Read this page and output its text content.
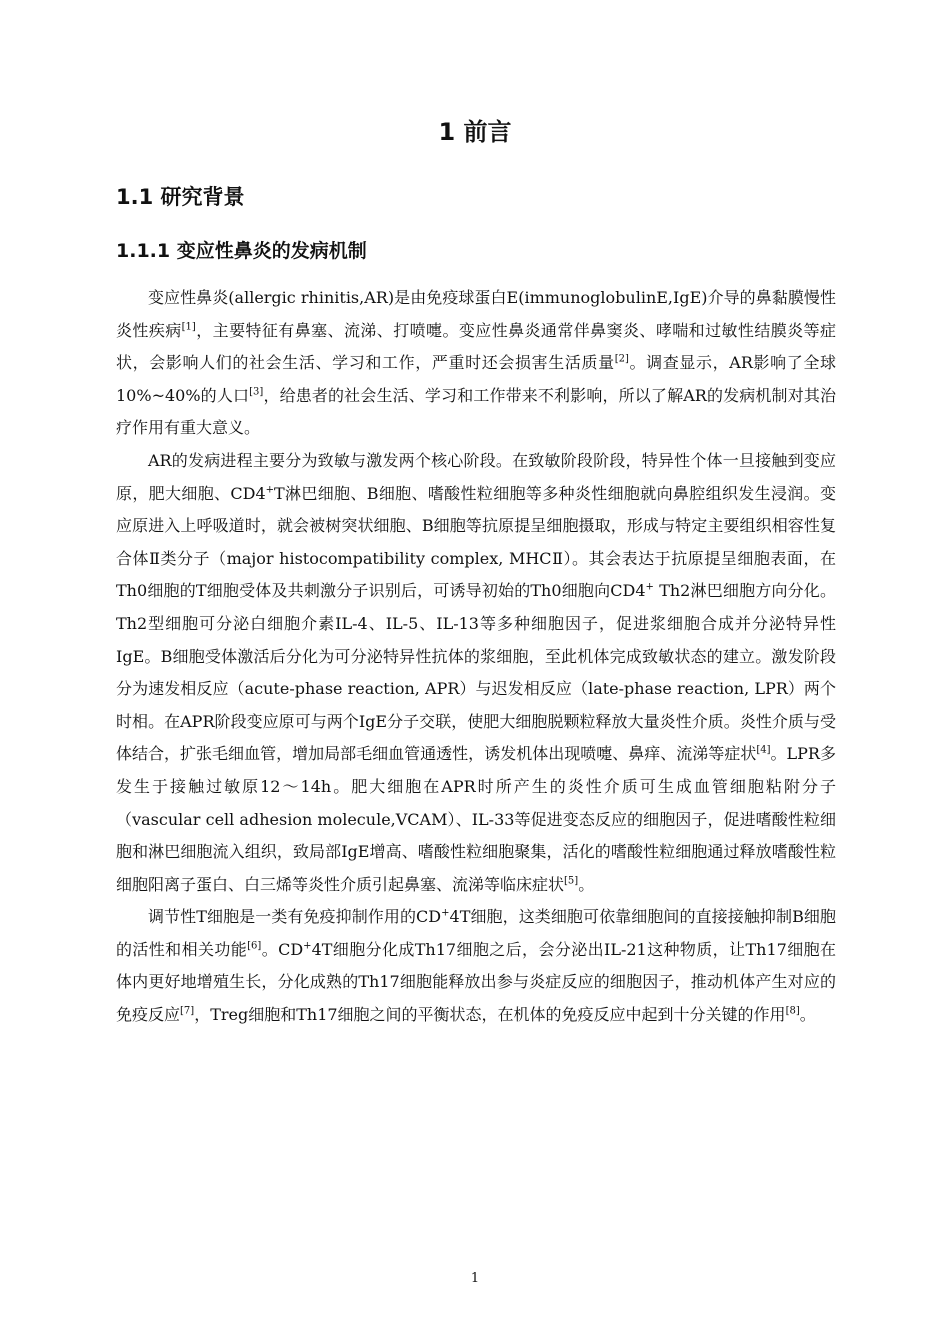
1 前言
1.1 研究背景
1.1.1 变应性鼻炎的发病机制

变应性鼻炎(allergic rhinitis,AR)是由免疫球蛋白E(immunoglobulinE,IgE)介导的鼻黏膜慢性炎性疾病[1]，主要特征有鼻塞、流涕、打喷嚏。变应性鼻炎通常伴鼻窦炎、哮喘和过敏性结膜炎等症状，会影响人们的社会生活、学习和工作，严重时还会损害生活质量[2]。调查显示，AR影响了全球10%~40%的人口[3]，给患者的社会生活、学习和工作带来不利影响，所以了解AR的发病机制对其治疗作用有重大意义。

AR的发病进程主要分为致敏与激发两个核心阶段。在致敏阶段阶段，特异性个体一旦接触到变应原，肥大细胞、CD4+T淋巴细胞、B细胞、嗜酸性粒细胞等多种炎性细胞就向鼻腔组织发生浸润。变应原进入上呼吸道时，就会被树突状细胞、B细胞等抗原提呈细胞摄取，形成与特定主要组织相容性复合体Ⅱ类分子（major histocompatibility complex, MHCⅡ）。其会表达于抗原提呈细胞表面，在Th0细胞的T细胞受体及共刺激分子识别后，可诱导初始的Th0细胞向CD4+ Th2淋巴细胞方向分化。Th2型细胞可分泌白细胞介素IL-4、IL-5、IL-13等多种细胞因子，促进浆细胞合成并分泌特异性IgE。B细胞受体激活后分化为可分泌特异性抗体的浆细胞，至此机体完成致敏状态的建立。激发阶段分为速发相反应（acute-phase reaction, APR）与迟发相反应（late-phase reaction, LPR）两个时相。在APR阶段变应原可与两个IgE分子交联，使肥大细胞脱颗粒释放大量炎性介质。炎性介质与受体结合，扩张毛细血管，增加局部毛细血管通透性，诱发机体出现喷嚏、鼻痒、流涕等症状[4]。LPR多发生于接触过敏原12～14h。肥大细胞在APR时所产生的炎性介质可生成血管细胞粘附分子（vascular cell adhesion molecule,VCAM）、IL-33等促进变态反应的细胞因子，促进嗜酸性粒细胞和淋巴细胞流入组织，致局部IgE增高、嗜酸性粒细胞聚集，活化的嗜酸性粒细胞通过释放嗜酸性粒细胞阳离子蛋白、白三烯等炎性介质引起鼻塞、流涕等临床症状[5]。

调节性T细胞是一类有免疫抑制作用的CD+4T细胞，这类细胞可依靠细胞间的直接接触抑制B细胞的活性和相关功能[6]。CD+4T细胞分化成Th17细胞之后，会分泌出IL-21这种物质，让Th17细胞在体内更好地增殖生长，分化成熟的Th17细胞能释放出参与炎症反应的细胞因子，推动机体产生对应的免疫反应[7]，Treg细胞和Th17细胞之间的平衡状态，在机体的免疫反应中起到十分关键的作用[8]。

1
